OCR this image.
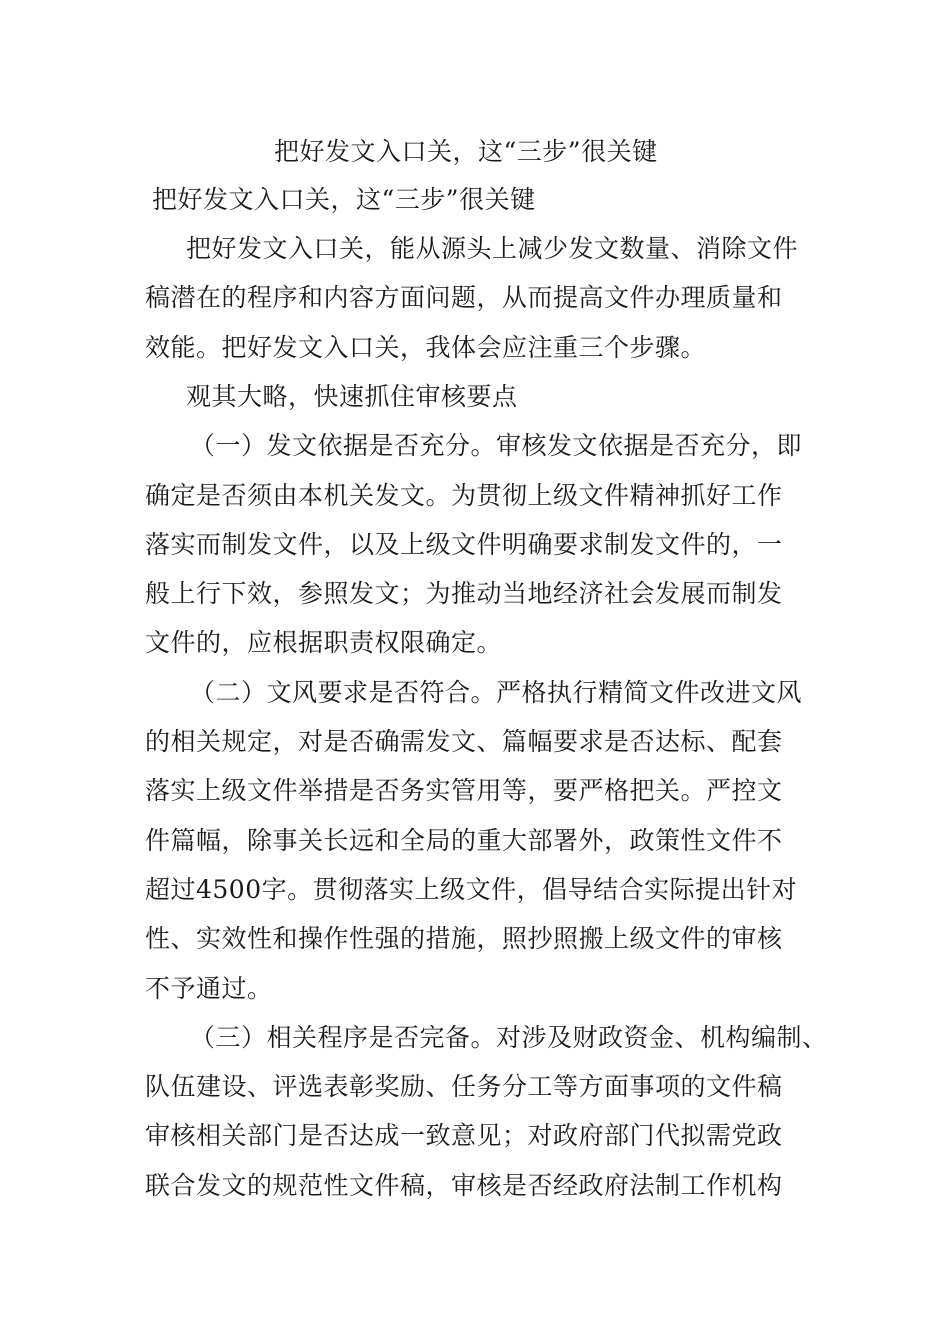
把好发文入口关，这“三步”很关键
把好发文入口关，这“三步”很关键
把好发文入口关，能从源头上减少发文数量、消除文件
稿潜在的程序和内容方面问题，从而提高文件办理质量和
效能。把好发文入口关，我体会应注重三个步骤。
观其大略，快速抓住审核要点
（一）发文依据是否充分。审核发文依据是否充分，即
确定是否须由本机关发文。为贯彻上级文件精神抓好工作
落实而制发文件，以及上级文件明确要求制发文件的，一
般上行下效，参照发文；为推动当地经济社会发展而制发
文件的，应根据职责权限确定。
（二）文风要求是否符合。严格执行精简文件改进文风
的相关规定，对是否确需发文、篇幅要求是否达标、配套
落实上级文件举措是否务实管用等，要严格把关。严控文
件篇幅，除事关长远和全局的重大部署外，政策性文件不
超过4500字。贯彻落实上级文件，倡导结合实际提出针对
性、实效性和操作性强的措施，照抄照搬上级文件的审核
不予通过。
（三）相关程序是否完备。对涉及财政资金、机构编制、
队伍建设、评选表彰奖励、任务分工等方面事项的文件稿
审核相关部门是否达成一致意见；对政府部门代拟需党政
联合发文的规范性文件稿，审核是否经政府法制工作机构
